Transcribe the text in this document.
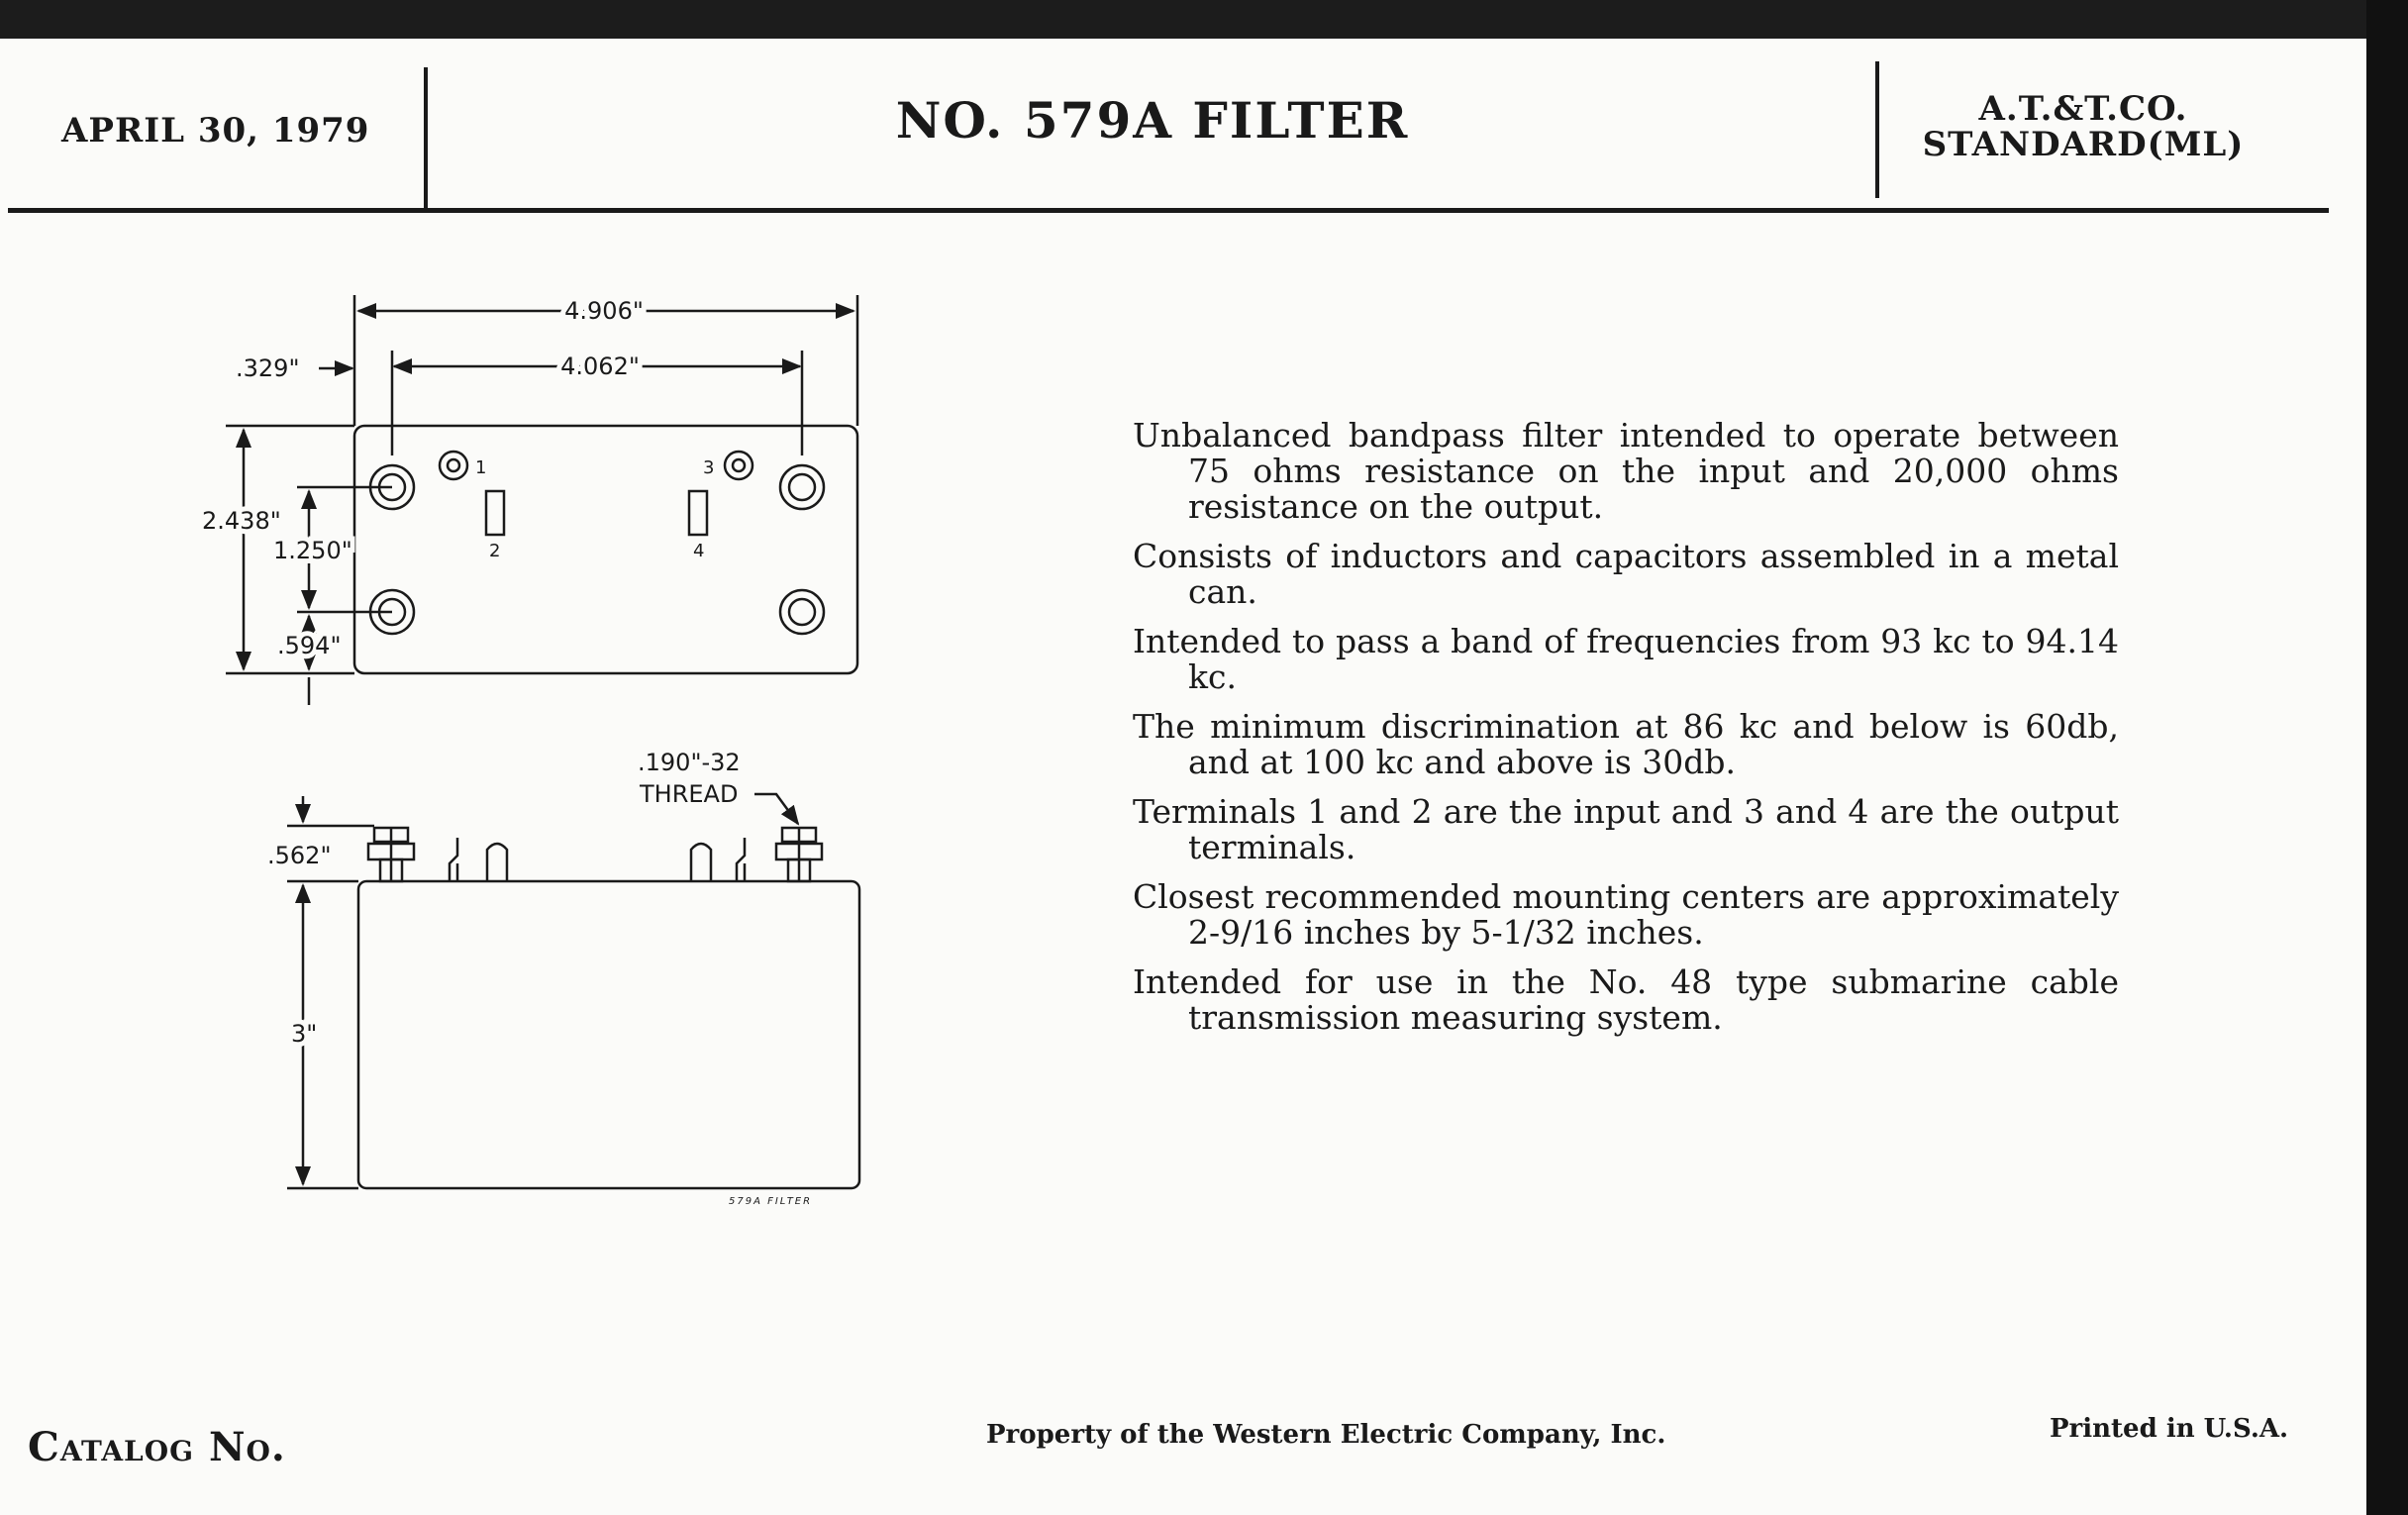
APRIL 30, 1979	NO. 579A FILTER	A.T.&T.CO.
STANDARD(ML)
4.906"
4.062"
.329"
2.438"
1.250"
.594"
1
2
3
4
.190"-32
THREAD
.562"
3"
579A FILTER
Unbalanced bandpass filter intended to operate between 75 ohms resistance on the input and 20,000 ohms resistance on the output.
Consists of inductors and capacitors assembled in a metal can.
Intended to pass a band of frequencies from 93 kc to 94.14 kc.
The minimum discrimination at 86 kc and below is 60db, and at 100 kc and above is 30db.
Terminals 1 and 2 are the input and 3 and 4 are the output terminals.
Closest recommended mounting centers are approximately 2-9/16 inches by 5-1/32 inches.
Intended for use in the No. 48 type submarine cable transmission measuring system.
Catalog No.	Property of the Western Electric Company, Inc.	Printed in U.S.A.
